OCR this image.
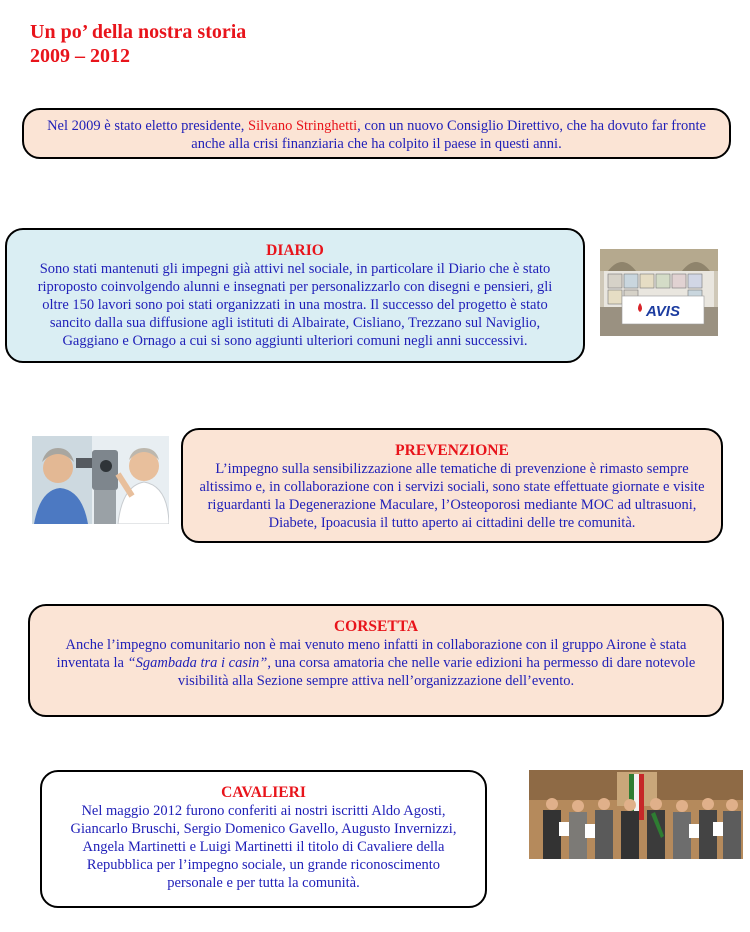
Un po’ della nostra storia
2009 – 2012
Nel 2009 è stato eletto presidente, Silvano Stringhetti, con un nuovo Consiglio Direttivo, che ha dovuto far fronte anche alla crisi finanziaria che ha colpito il paese in questi anni.
DIARIO
Sono stati mantenuti gli impegni già attivi nel sociale, in particolare il Diario che è stato riproposto coinvolgendo alunni e insegnati per personalizzarlo con disegni e pensieri, gli oltre 150 lavori sono poi stati organizzati in una mostra. Il successo del progetto è stato sancito dalla sua diffusione agli istituti di Albairate, Cisliano, Trezzano sul Naviglio, Gaggiano e Ornago a cui si sono aggiunti ulteriori comuni negli anni successivi.
AVIS
PREVENZIONE
L’impegno sulla sensibilizzazione alle tematiche di prevenzione è rimasto sempre altissimo e, in collaborazione con i servizi sociali, sono state effettuate giornate e visite riguardanti la Degenerazione Maculare, l’Osteoporosi mediante MOC ad ultrasuoni, Diabete, Ipoacusia il tutto aperto ai cittadini delle tre comunità.
CORSETTA
Anche l’impegno comunitario non è mai venuto meno infatti in collaborazione con il gruppo Airone è stata inventata la “Sgambada tra i casin”, una corsa amatoria che nelle varie edizioni ha permesso di dare notevole visibilità alla Sezione sempre attiva nell’organizzazione dell’evento.
CAVALIERI
Nel maggio 2012 furono conferiti ai nostri iscritti Aldo Agosti, Giancarlo Bruschi, Sergio Domenico Gavello, Augusto Invernizzi, Angela Martinetti e Luigi Martinetti il titolo di Cavaliere della Repubblica per l’impegno sociale, un grande riconoscimento personale e per tutta la comunità.
